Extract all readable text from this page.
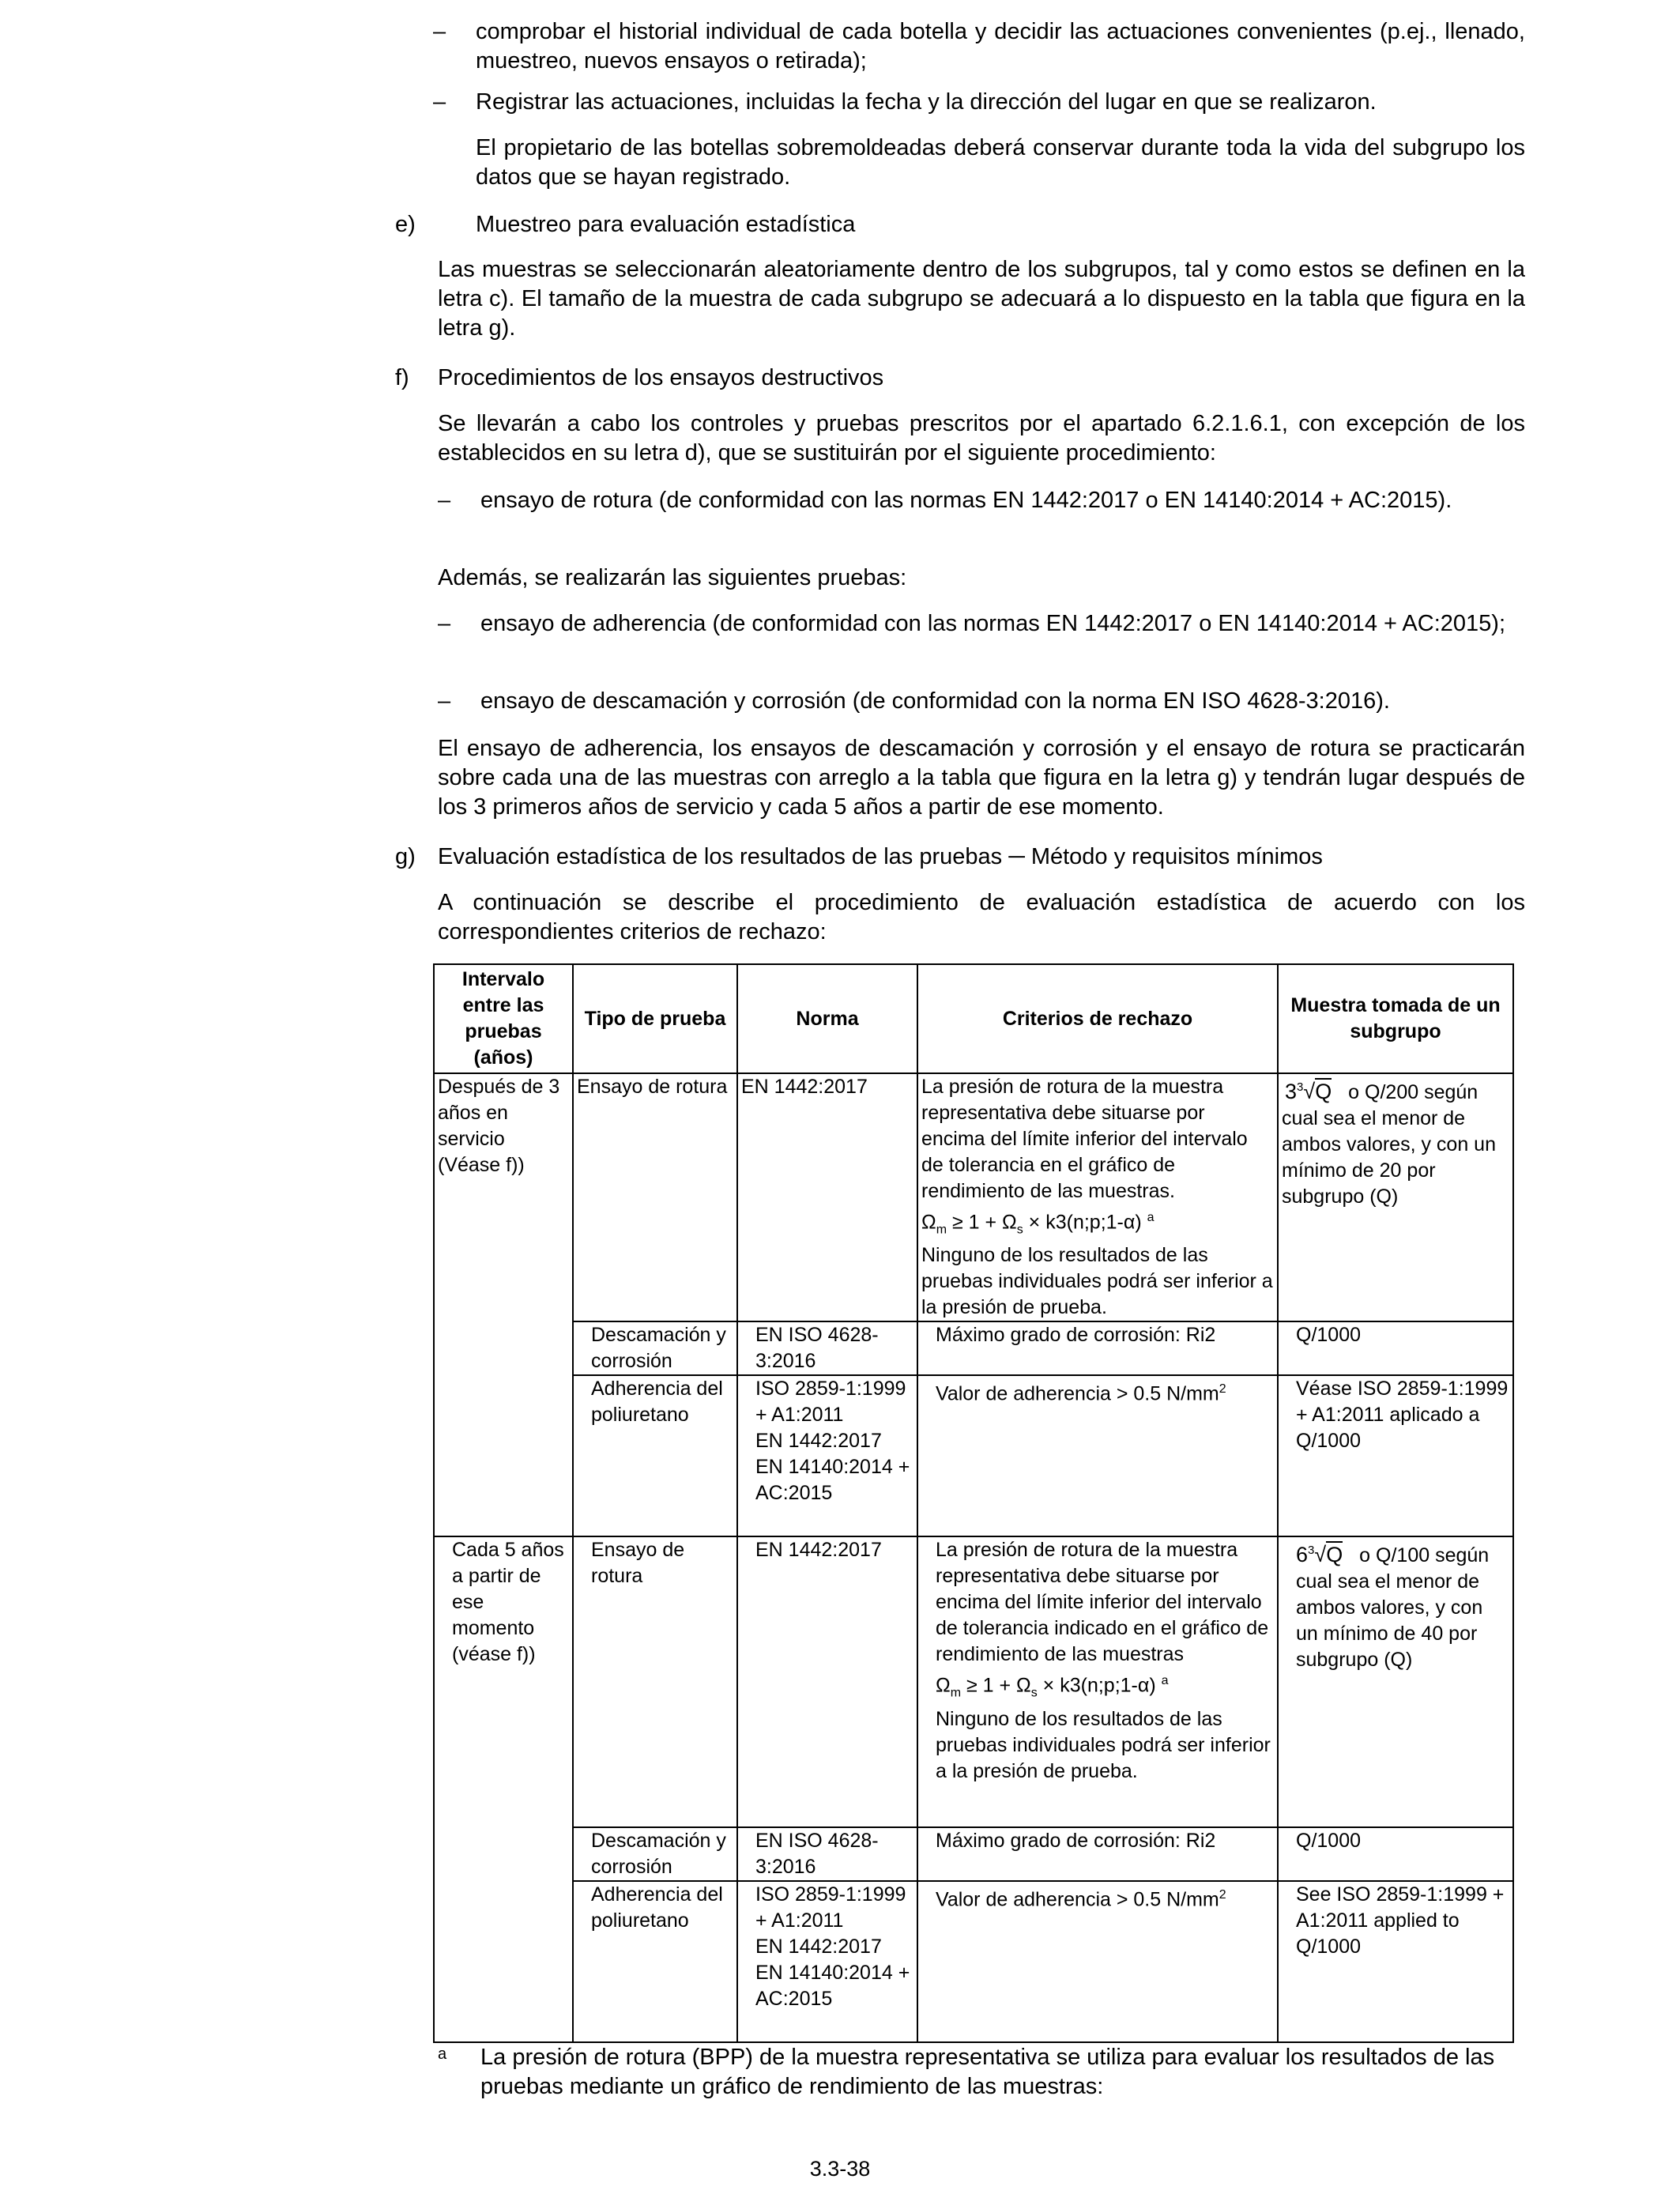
– comprobar el historial individual de cada botella y decidir las actuaciones convenientes (p.ej., llenado, muestreo, nuevos ensayos o retirada);
– Registrar las actuaciones, incluidas la fecha y la dirección del lugar en que se realizaron.
El propietario de las botellas sobremoldeadas deberá conservar durante toda la vida del subgrupo los datos que se hayan registrado.
e)	Muestreo para evaluación estadística
Las muestras se seleccionarán aleatoriamente dentro de los subgrupos, tal y como estos se definen en la letra c). El tamaño de la muestra de cada subgrupo se adecuará a lo dispuesto en la tabla que figura en la letra g).
f) Procedimientos de los ensayos destructivos
Se llevarán a cabo los controles y pruebas prescritos por el apartado 6.2.1.6.1, con excepción de los establecidos en su letra d), que se sustituirán por el siguiente procedimiento:
– ensayo de rotura (de conformidad con las normas EN 1442:2017 o EN 14140:2014 + AC:2015).
Además, se realizarán las siguientes pruebas:
– ensayo de adherencia (de conformidad con las normas EN 1442:2017 o EN 14140:2014 + AC:2015);
– ensayo de descamación y corrosión (de conformidad con la norma EN ISO 4628-3:2016).
El ensayo de adherencia, los ensayos de descamación y corrosión y el ensayo de rotura se practicarán sobre cada una de las muestras con arreglo a la tabla que figura en la letra g) y tendrán lugar después de los 3 primeros años de servicio y cada 5 años a partir de ese momento.
g) Evaluación estadística de los resultados de las pruebas ─ Método y requisitos mínimos
A continuación se describe el procedimiento de evaluación estadística de acuerdo con los correspondientes criterios de rechazo:
Intervalo entre las pruebas (años)	Tipo de prueba	Norma	Criterios de rechazo	Muestra tomada de un subgrupo
Después de 3 años en servicio (Véase f))	Ensayo de rotura	EN 1442:2017	La presión de rotura de la muestra representativa debe situarse por encima del límite inferior del intervalo de tolerancia en el gráfico de rendimiento de las muestras.
$\Omega_m \ge 1 + \Omega_s$ × k3(n;p;1-α) $^a$
Ninguno de los resultados de las pruebas individuales podrá ser inferior a la presión de prueba.	$3^3√Q$ o Q/200 según cual sea el menor de ambos valores, y con un mínimo de 20 por subgrupo (Q)
	Descamación y corrosión	EN ISO 4628-3:2016	Máximo grado de corrosión: Ri2	Q/1000
	Adherencia del poliuretano	ISO 2859-1:1999 + A1:2011
EN 1442:2017
EN 14140:2014 + AC:2015	Valor de adherencia > 0.5 $N/mm^2$	Véase ISO 2859-1:1999 + A1:2011 aplicado a Q/1000
Cada 5 años a partir de ese momento (véase f))	Ensayo de rotura	EN 1442:2017	La presión de rotura de la muestra representativa debe situarse por encima del límite inferior del intervalo de tolerancia indicado en el gráfico de rendimiento de las muestras
$\Omega_m \ge 1 + \Omega_s$ × k3(n;p;1-α) $^a$
Ninguno de los resultados de las pruebas individuales podrá ser inferior a la presión de prueba.	$6^3√Q$ o Q/100 según cual sea el menor de ambos valores, y con un mínimo de 40 por subgrupo (Q)
	Descamación y corrosión	EN ISO 4628-3:2016	Máximo grado de corrosión: Ri2	Q/1000
	Adherencia del poliuretano	ISO 2859-1:1999 + A1:2011
EN 1442:2017
EN 14140:2014 + AC:2015	Valor de adherencia > 0.5 $N/mm^2$	See ISO 2859-1:1999 + A1:2011 applied to Q/1000
a La presión de rotura (BPP) de la muestra representativa se utiliza para evaluar los resultados de las pruebas mediante un gráfico de rendimiento de las muestras:
3.3-38
